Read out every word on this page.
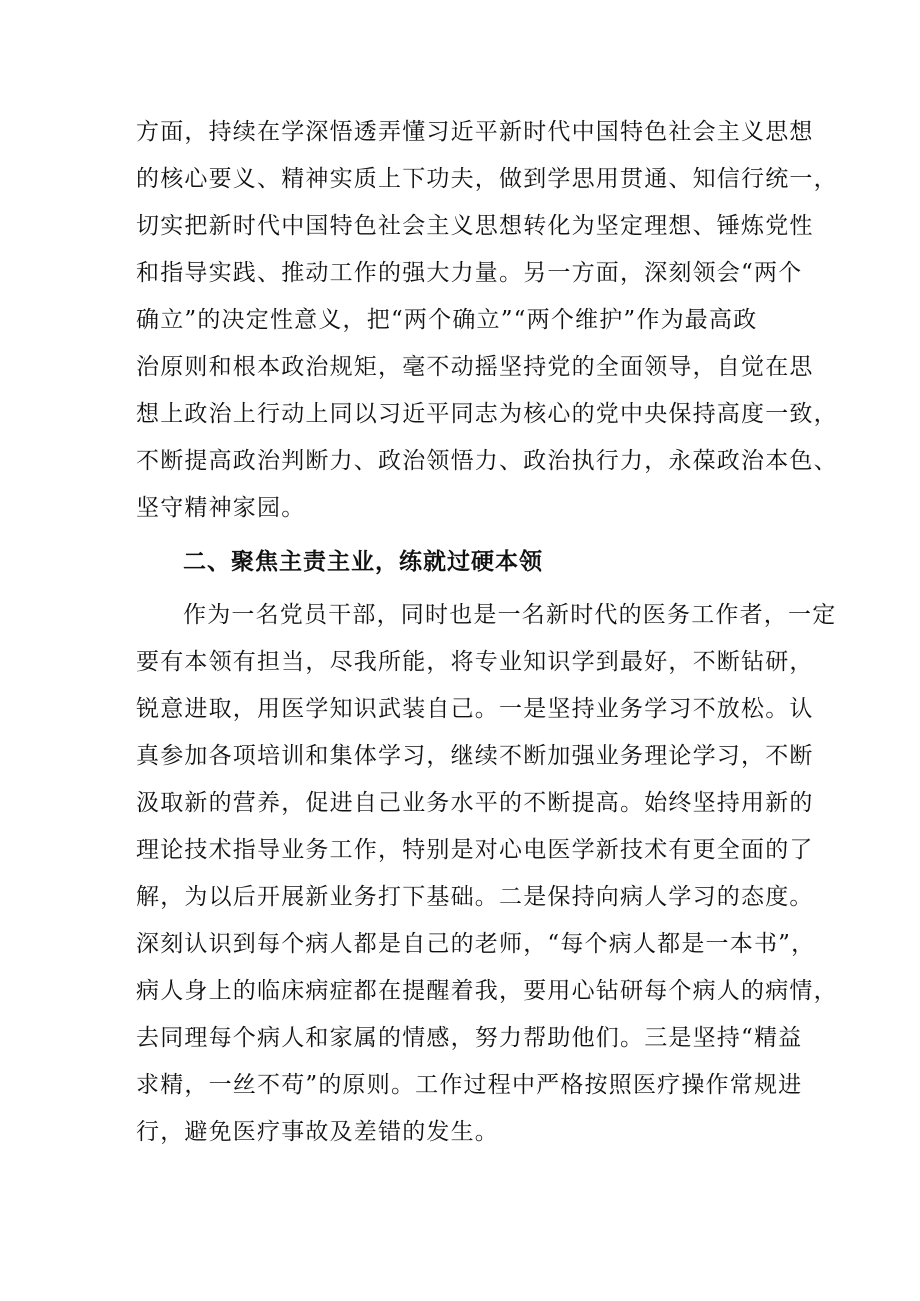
方面，持续在学深悟透弄懂习近平新时代中国特色社会主义思想
的核心要义、精神实质上下功夫，做到学思用贯通、知信行统一，
切实把新时代中国特色社会主义思想转化为坚定理想、锤炼党性
和指导实践、推动工作的强大力量。另一方面，深刻领会“两个
确立”的决定性意义，把“两个确立”“两个维护”作为最高政
治原则和根本政治规矩，毫不动摇坚持党的全面领导，自觉在思
想上政治上行动上同以习近平同志为核心的党中央保持高度一致，
不断提高政治判断力、政治领悟力、政治执行力，永葆政治本色、
坚守精神家园。
二、聚焦主责主业，练就过硬本领
作为一名党员干部，同时也是一名新时代的医务工作者，一定
要有本领有担当，尽我所能，将专业知识学到最好，不断钻研，
锐意进取，用医学知识武装自己。一是坚持业务学习不放松。认
真参加各项培训和集体学习，继续不断加强业务理论学习，不断
汲取新的营养，促进自己业务水平的不断提高。始终坚持用新的
理论技术指导业务工作，特别是对心电医学新技术有更全面的了
解，为以后开展新业务打下基础。二是保持向病人学习的态度。
深刻认识到每个病人都是自己的老师，“每个病人都是一本书”，
病人身上的临床病症都在提醒着我，要用心钻研每个病人的病情，
去同理每个病人和家属的情感，努力帮助他们。三是坚持“精益
求精，一丝不苟”的原则。工作过程中严格按照医疗操作常规进
行，避免医疗事故及差错的发生。
